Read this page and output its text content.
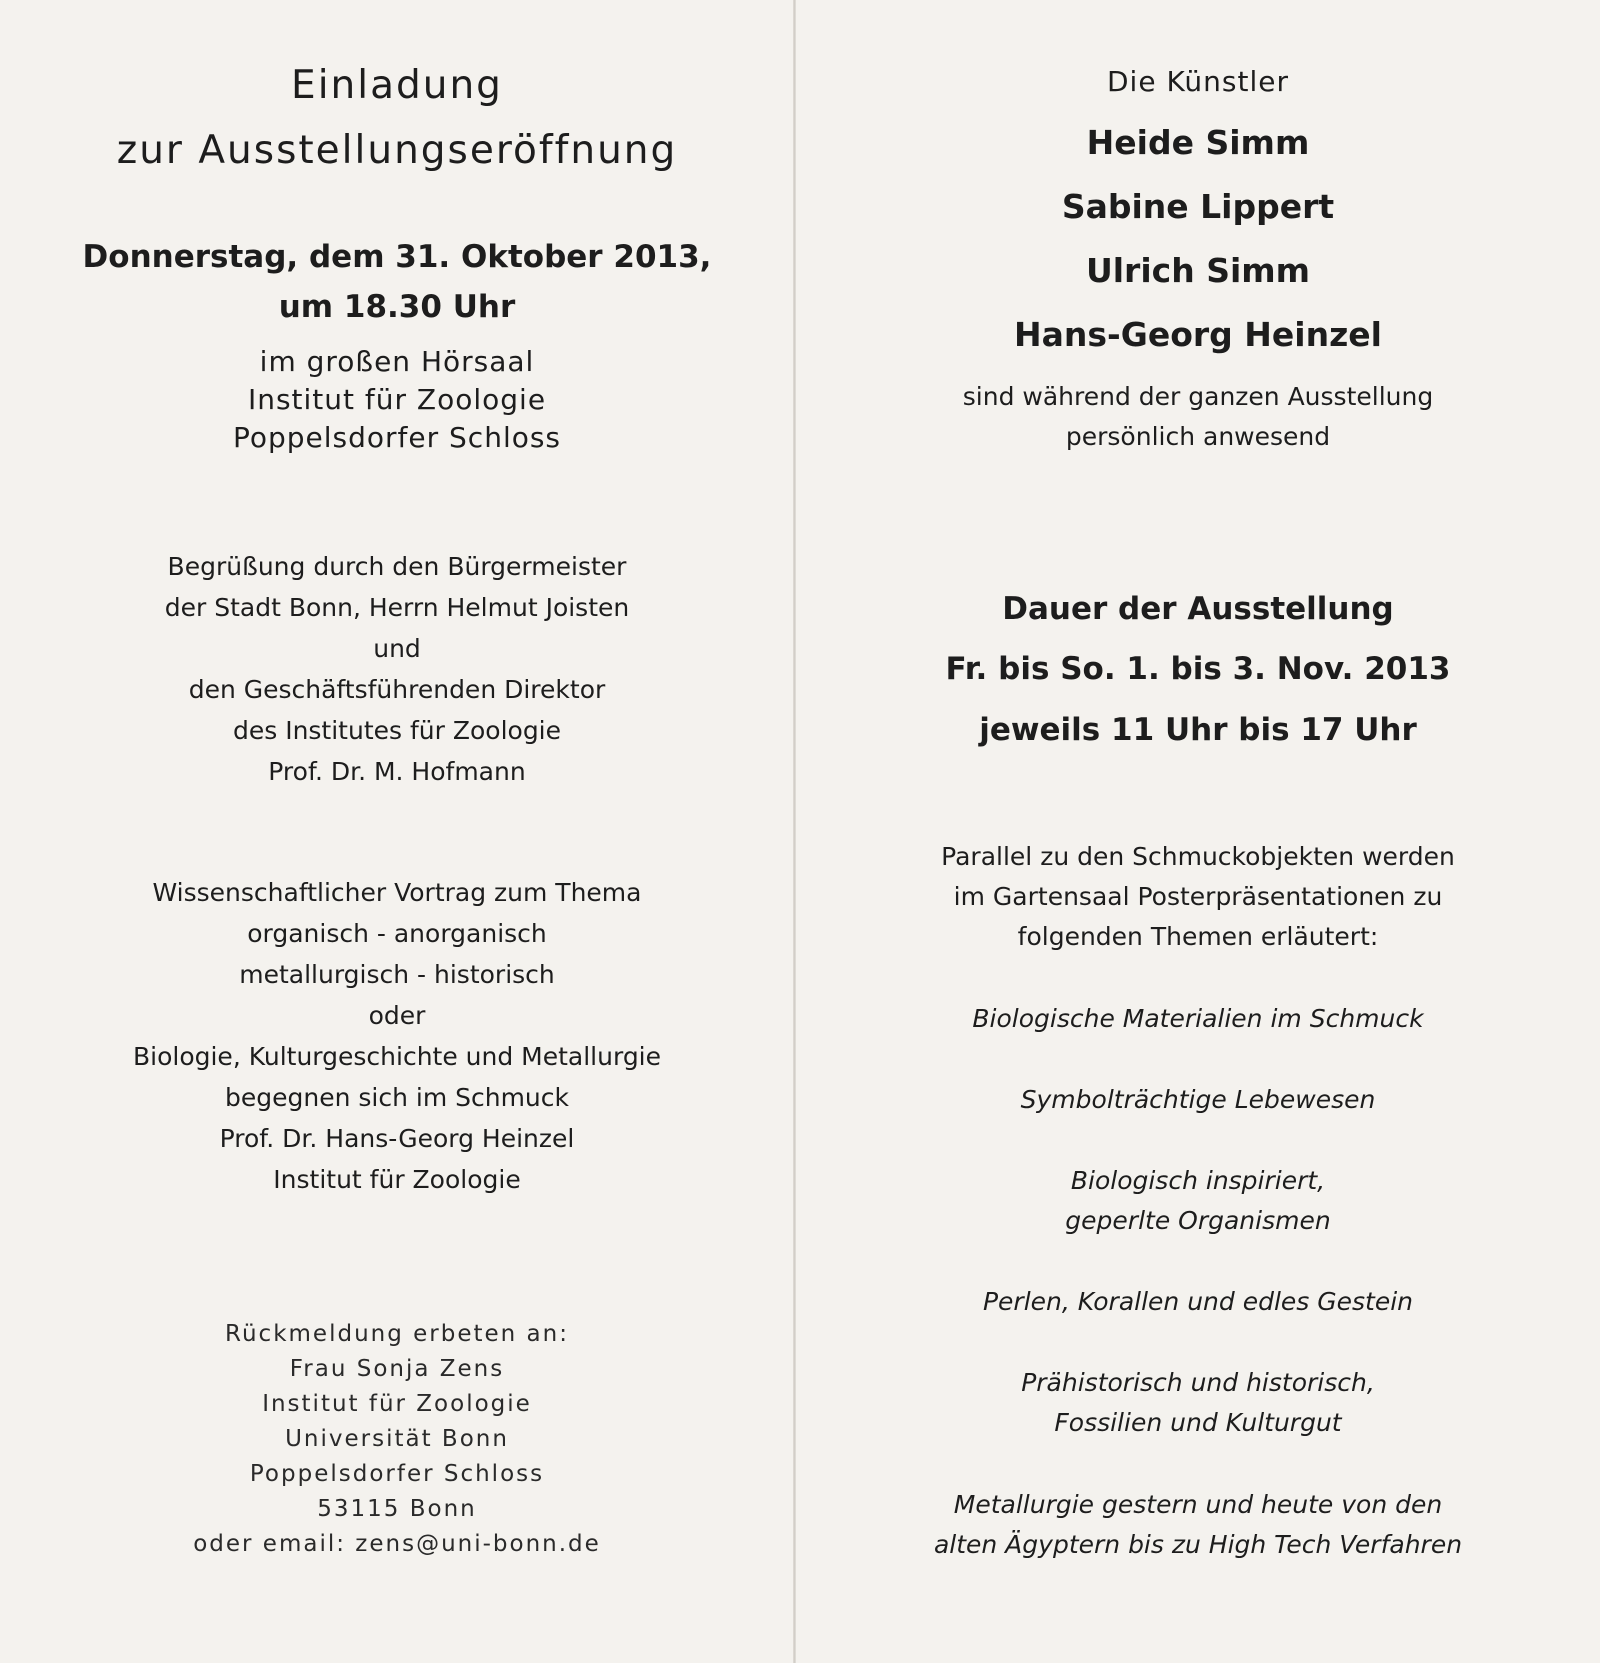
Einladung
zur Ausstellungseröffnung
Donnerstag, dem 31. Oktober 2013,
um 18.30 Uhr
im großen Hörsaal
Institut für Zoologie
Poppelsdorfer Schloss
Begrüßung durch den Bürgermeister
der Stadt Bonn, Herrn Helmut Joisten
und
den Geschäftsführenden Direktor
des Institutes für Zoologie
Prof. Dr. M. Hofmann
Wissenschaftlicher Vortrag zum Thema
organisch - anorganisch
metallurgisch - historisch
oder
Biologie, Kulturgeschichte und Metallurgie
begegnen sich im Schmuck
Prof. Dr. Hans-Georg Heinzel
Institut für Zoologie
Rückmeldung erbeten an:
Frau Sonja Zens
Institut für Zoologie
Universität Bonn
Poppelsdorfer Schloss
53115 Bonn
oder email: zens@uni-bonn.de
Die Künstler
Heide Simm
Sabine Lippert
Ulrich Simm
Hans-Georg Heinzel
sind während der ganzen Ausstellung
persönlich anwesend
Dauer der Ausstellung
Fr. bis So. 1. bis 3. Nov. 2013
jeweils 11 Uhr bis 17 Uhr
Parallel zu den Schmuckobjekten werden
im Gartensaal Posterpräsentationen zu
folgenden Themen erläutert:
Biologische Materialien im Schmuck
Symbolträchtige Lebewesen
Biologisch inspiriert,
geperlte Organismen
Perlen, Korallen und edles Gestein
Prähistorisch und historisch,
Fossilien und Kulturgut
Metallurgie gestern und heute von den
alten Ägyptern bis zu High Tech Verfahren
